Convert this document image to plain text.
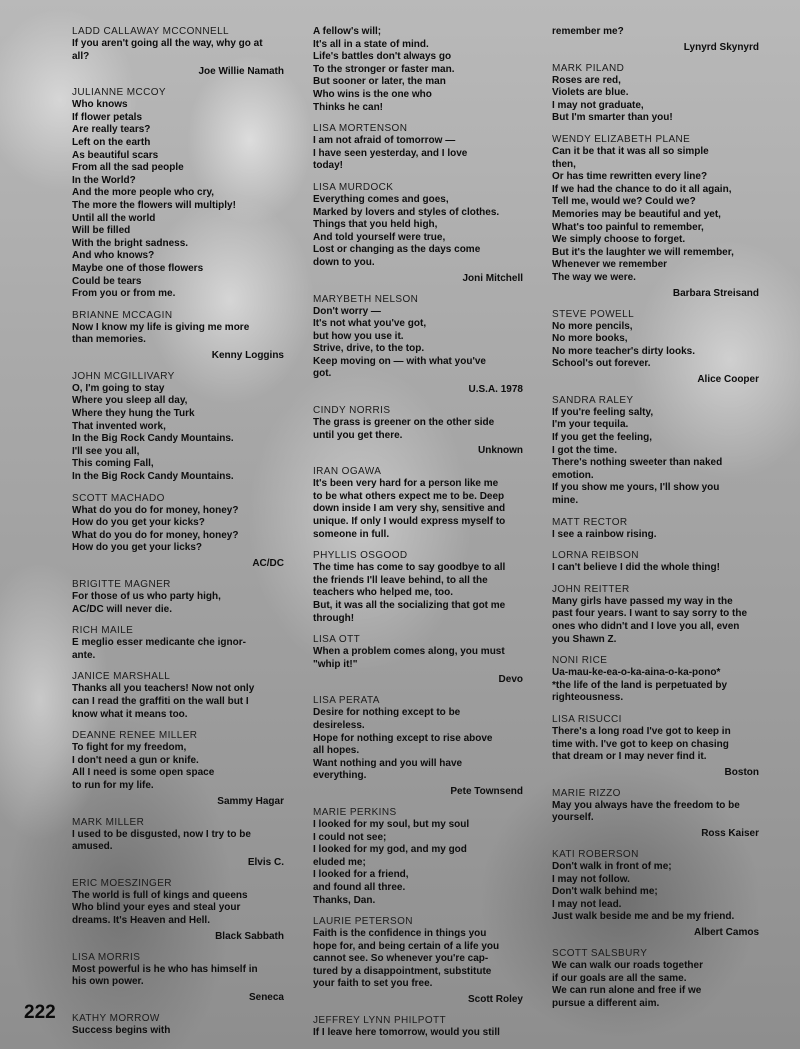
LADD CALLAWAY MCCONNELL
If you aren't going all the way, why go at
all?
Joe Willie Namath
JULIANNE MCCOY
Who knows
If flower petals
Are really tears?
Left on the earth
As beautiful scars
From all the sad people
In the World?
And the more people who cry,
The more the flowers will multiply!
Until all the world
Will be filled
With the bright sadness.
And who knows?
Maybe one of those flowers
Could be tears
From you or from me.
BRIANNE MCCAGIN
Now I know my life is giving me more
than memories.
Kenny Loggins
JOHN MCGILLIVARY
O, I'm going to stay
Where you sleep all day,
Where they hung the Turk
That invented work,
In the Big Rock Candy Mountains.
I'll see you all,
This coming Fall,
In the Big Rock Candy Mountains.
SCOTT MACHADO
What do you do for money, honey?
How do you get your kicks?
What do you do for money, honey?
How do you get your licks?
AC/DC
BRIGITTE MAGNER
For those of us who party high,
AC/DC will never die.
RICH MAILE
E meglio esser medicante che ignor-
ante.
JANICE MARSHALL
Thanks all you teachers! Now not only
can I read the graffiti on the wall but I
know what it means too.
DEANNE RENEE MILLER
To fight for my freedom,
I don't need a gun or knife.
All I need is some open space
to run for my life.
Sammy Hagar
MARK MILLER
I used to be disgusted, now I try to be
amused.
Elvis C.
ERIC MOESZINGER
The world is full of kings and queens
Who blind your eyes and steal your
dreams. It's Heaven and Hell.
Black Sabbath
LISA MORRIS
Most powerful is he who has himself in
his own power.
Seneca
KATHY MORROW
Success begins with
A fellow's will;
It's all in a state of mind.
Life's battles don't always go
To the stronger or faster man.
But sooner or later, the man
Who wins is the one who
Thinks he can!
LISA MORTENSON
I am not afraid of tomorrow —
I have seen yesterday, and I love
today!
LISA MURDOCK
Everything comes and goes,
Marked by lovers and styles of clothes.
Things that you held high,
And told yourself were true,
Lost or changing as the days come
down to you.
Joni Mitchell
MARYBETH NELSON
Don't worry —
It's not what you've got,
but how you use it.
Strive, drive, to the top.
Keep moving on — with what you've
got.
U.S.A. 1978
CINDY NORRIS
The grass is greener on the other side
until you get there.
Unknown
IRAN OGAWA
It's been very hard for a person like me
to be what others expect me to be. Deep
down inside I am very shy, sensitive and
unique. If only I would express myself to
someone in full.
PHYLLIS OSGOOD
The time has come to say goodbye to all
the friends I'll leave behind, to all the
teachers who helped me, too.
But, it was all the socializing that got me
through!
LISA OTT
When a problem comes along, you must
"whip it!"
Devo
LISA PERATA
Desire for nothing except to be
desireless.
Hope for nothing except to rise above
all hopes.
Want nothing and you will have
everything.
Pete Townsend
MARIE PERKINS
I looked for my soul, but my soul
I could not see;
I looked for my god, and my god
eluded me;
I looked for a friend,
and found all three.
Thanks, Dan.
LAURIE PETERSON
Faith is the confidence in things you
hope for, and being certain of a life you
cannot see. So whenever you're cap-
tured by a disappointment, substitute
your faith to set you free.
Scott Roley
JEFFREY LYNN PHILPOTT
If I leave here tomorrow, would you still
remember me?
Lynyrd Skynyrd
MARK PILAND
Roses are red,
Violets are blue.
I may not graduate,
But I'm smarter than you!
WENDY ELIZABETH PLANE
Can it be that it was all so simple
then,
Or has time rewritten every line?
If we had the chance to do it all again,
Tell me, would we? Could we?
Memories may be beautiful and yet,
What's too painful to remember,
We simply choose to forget.
But it's the laughter we will remember,
Whenever we remember
The way we were.
Barbara Streisand
STEVE POWELL
No more pencils,
No more books,
No more teacher's dirty looks.
School's out forever.
Alice Cooper
SANDRA RALEY
If you're feeling salty,
I'm your tequila.
If you get the feeling,
I got the time.
There's nothing sweeter than naked
emotion.
If you show me yours, I'll show you
mine.
MATT RECTOR
I see a rainbow rising.
LORNA REIBSON
I can't believe I did the whole thing!
JOHN REITTER
Many girls have passed my way in the
past four years. I want to say sorry to the
ones who didn't and I love you all, even
you Shawn Z.
NONI RICE
Ua-mau-ke-ea-o-ka-aina-o-ka-pono*
*the life of the land is perpetuated by
righteousness.
LISA RISUCCI
There's a long road I've got to keep in
time with. I've got to keep on chasing
that dream or I may never find it.
Boston
MARIE RIZZO
May you always have the freedom to be
yourself.
Ross Kaiser
KATI ROBERSON
Don't walk in front of me;
I may not follow.
Don't walk behind me;
I may not lead.
Just walk beside me and be my friend.
Albert Camos
SCOTT SALSBURY
We can walk our roads together
if our goals are all the same.
We can run alone and free if we
pursue a different aim.
222
